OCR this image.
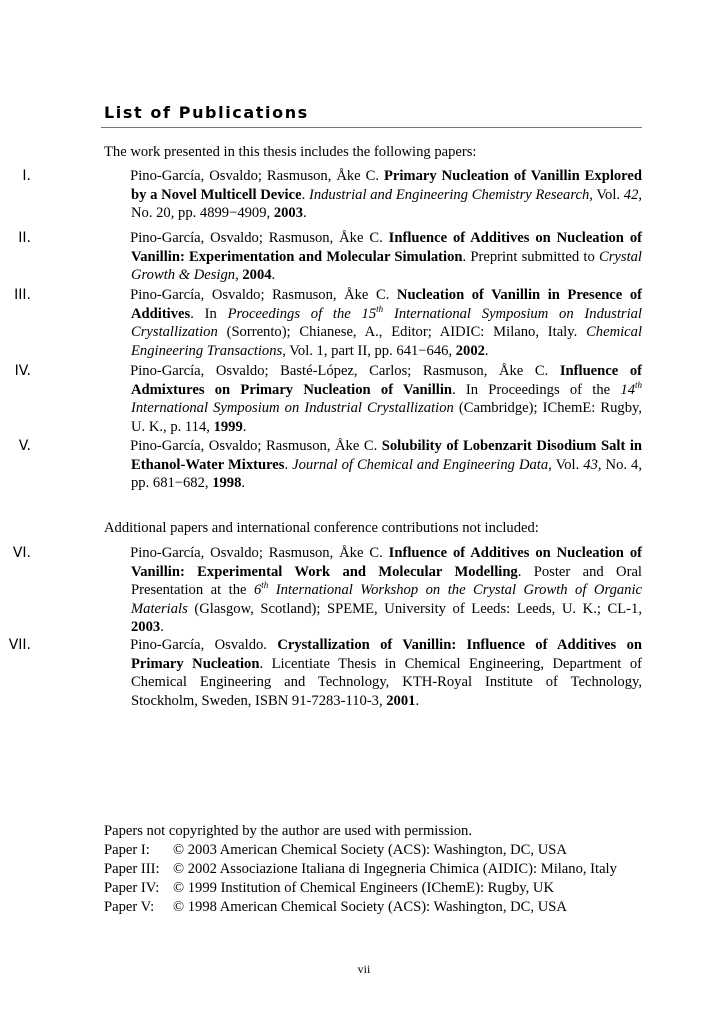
List of Publications

The work presented in this thesis includes the following papers:

I.	Pino-García, Osvaldo; Rasmuson, Åke C. Primary Nucleation of Vanillin Explored by a Novel Multicell Device. Industrial and Engineering Chemistry Research, Vol. 42, No. 20, pp. 4899−4909, 2003.
II.	Pino-García, Osvaldo; Rasmuson, Åke C. Influence of Additives on Nucleation of Vanillin: Experimentation and Molecular Simulation. Preprint submitted to Crystal Growth & Design, 2004.
III.	Pino-García, Osvaldo; Rasmuson, Åke C. Nucleation of Vanillin in Presence of Additives. In Proceedings of the 15th International Symposium on Industrial Crystallization (Sorrento); Chianese, A., Editor; AIDIC: Milano, Italy. Chemical Engineering Transactions, Vol. 1, part II, pp. 641−646, 2002.
IV.	Pino-García, Osvaldo; Basté-López, Carlos; Rasmuson, Åke C. Influence of Admixtures on Primary Nucleation of Vanillin. In Proceedings of the 14th International Symposium on Industrial Crystallization (Cambridge); IChemE: Rugby, U. K., p. 114, 1999.
V.	Pino-García, Osvaldo; Rasmuson, Åke C. Solubility of Lobenzarit Disodium Salt in Ethanol-Water Mixtures. Journal of Chemical and Engineering Data, Vol. 43, No. 4, pp. 681−682, 1998.

Additional papers and international conference contributions not included:

VI.	Pino-García, Osvaldo; Rasmuson, Åke C. Influence of Additives on Nucleation of Vanillin: Experimental Work and Molecular Modelling. Poster and Oral Presentation at the 6th International Workshop on the Crystal Growth of Organic Materials (Glasgow, Scotland); SPEME, University of Leeds: Leeds, U. K.; CL-1, 2003.
VII.	Pino-García, Osvaldo. Crystallization of Vanillin: Influence of Additives on Primary Nucleation. Licentiate Thesis in Chemical Engineering, Department of Chemical Engineering and Technology, KTH-Royal Institute of Technology, Stockholm, Sweden, ISBN 91-7283-110-3, 2001.

Papers not copyrighted by the author are used with permission.

Paper I: © 2003 American Chemical Society (ACS): Washington, DC, USA
Paper III: © 2002 Associazione Italiana di Ingegneria Chimica (AIDIC): Milano, Italy
Paper IV: © 1999 Institution of Chemical Engineers (IChemE): Rugby, UK
Paper V: © 1998 American Chemical Society (ACS): Washington, DC, USA
vii
